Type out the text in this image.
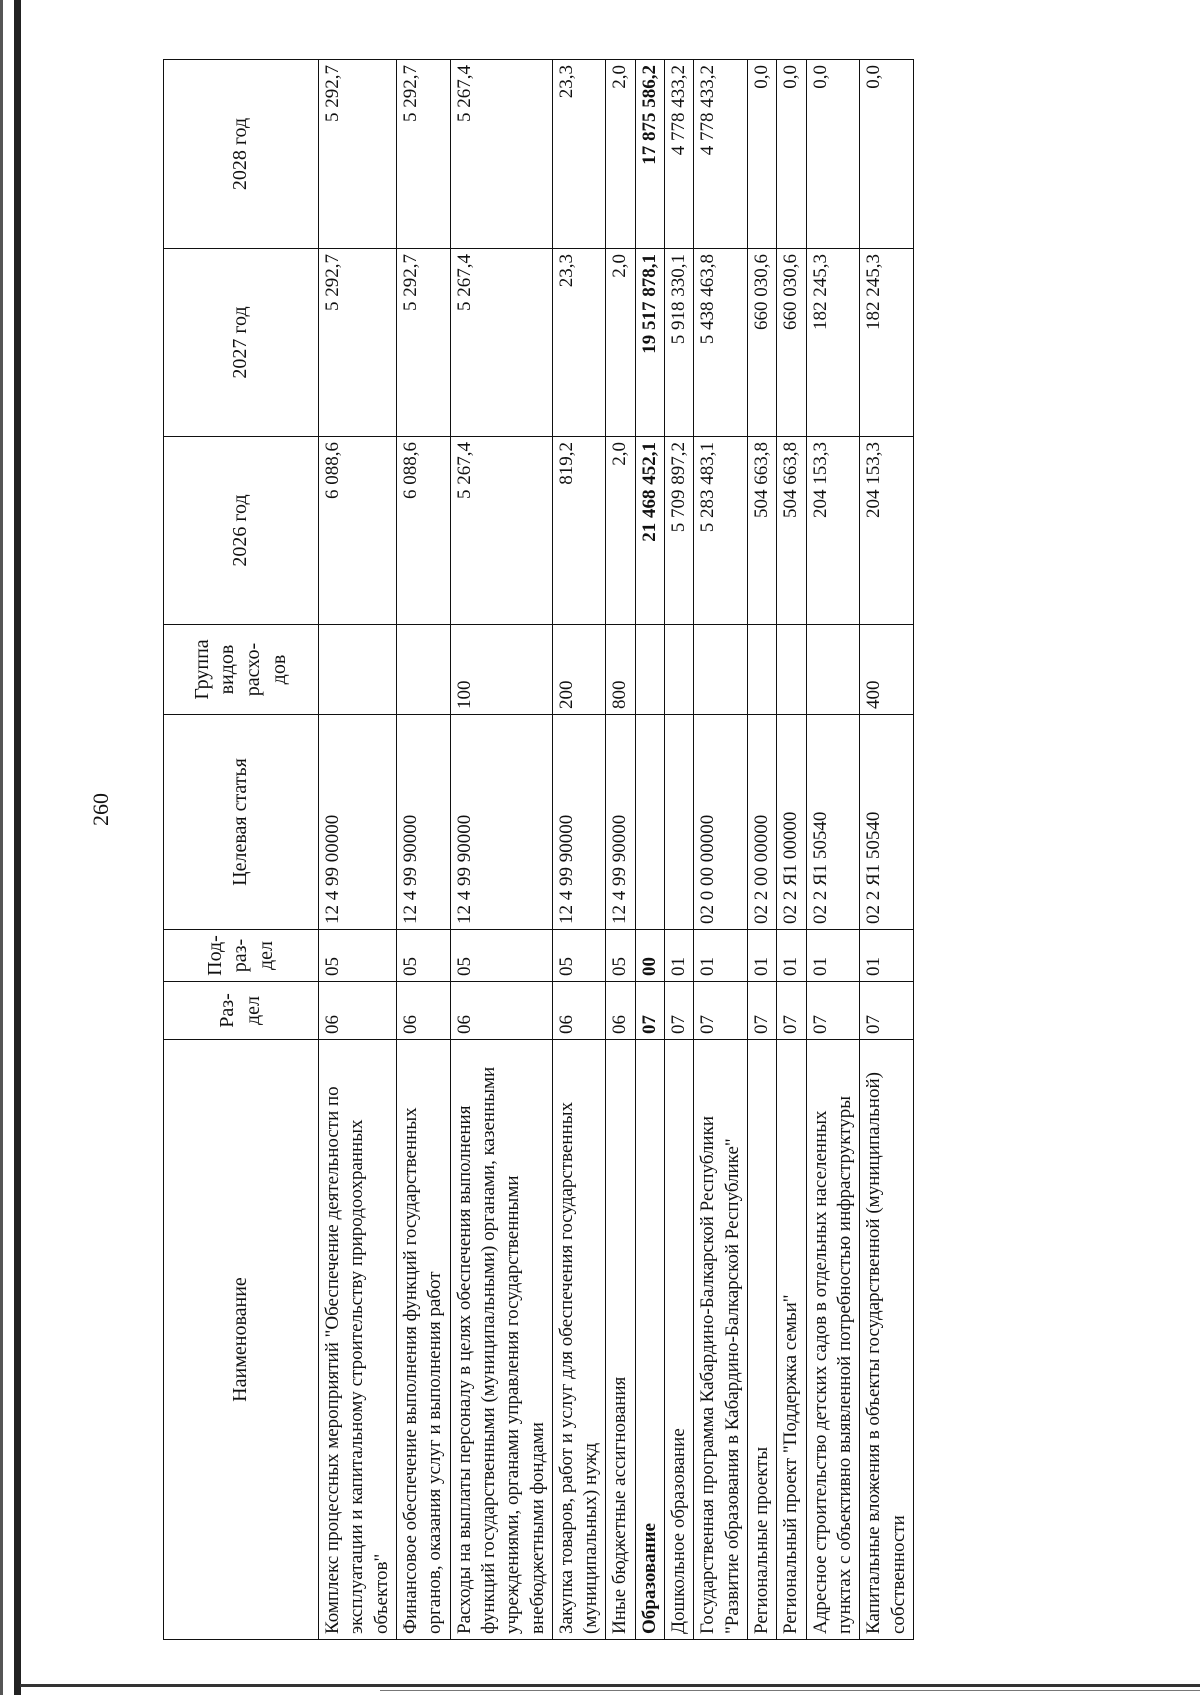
260
Наименование	Раз-дел	Под-раз-дел	Целевая статья	Группа видов расхо-дов	2026 год	2027 год	2028 год
Комплекс процессных мероприятий "Обеспечение деятельности по эксплуатации и капитальному строительству природоохранных объектов"	06	05	12 4 99 00000		6 088,6	5 292,7	5 292,7
Финансовое обеспечение выполнения функций государственных органов, оказания услуг и выполнения работ	06	05	12 4 99 90000		6 088,6	5 292,7	5 292,7
Расходы на выплаты персоналу в целях обеспечения выполнения функций государственными (муниципальными) органами, казенными учреждениями, органами управления государственными внебюджетными фондами	06	05	12 4 99 90000	100	5 267,4	5 267,4	5 267,4
Закупка товаров, работ и услуг для обеспечения государственных (муниципальных) нужд	06	05	12 4 99 90000	200	819,2	23,3	23,3
Иные бюджетные ассигнования	06	05	12 4 99 90000	800	2,0	2,0	2,0
Образование	07	00			21 468 452,1	19 517 878,1	17 875 586,2
Дошкольное образование	07	01			5 709 897,2	5 918 330,1	4 778 433,2
Государственная программа Кабардино-Балкарской Республики "Развитие образования в Кабардино-Балкарской Республике"	07	01	02 0 00 00000		5 283 483,1	5 438 463,8	4 778 433,2
Региональные проекты	07	01	02 2 00 00000		504 663,8	660 030,6	0,0
Региональный проект "Поддержка семьи"	07	01	02 2 Я1 00000		504 663,8	660 030,6	0,0
Адресное строительство детских садов в отдельных населенных пунктах с объективно выявленной потребностью инфраструктуры	07	01	02 2 Я1 50540		204 153,3	182 245,3	0,0
Капитальные вложения в объекты государственной (муниципальной) собственности	07	01	02 2 Я1 50540	400	204 153,3	182 245,3	0,0
